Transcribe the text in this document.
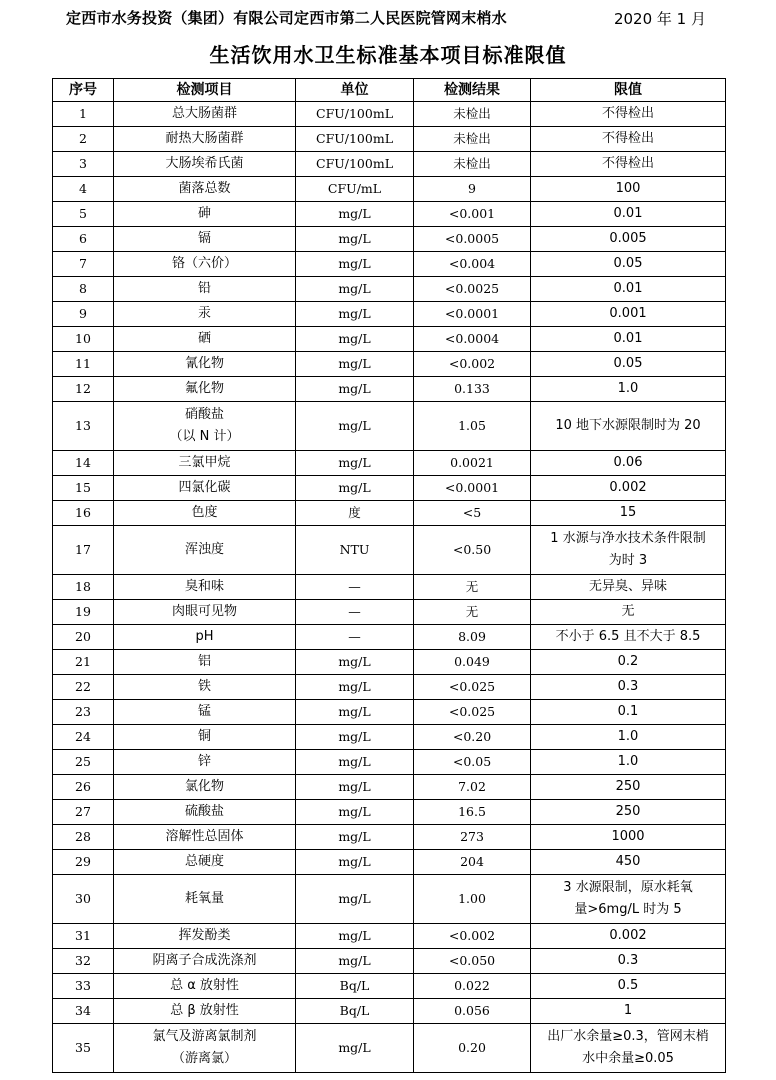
定西市水务投资（集团）有限公司定西市第二人民医院管网末梢水	2020 年 1 月
生活饮用水卫生标准基本项目标准限值
序号	检测项目	单位	检测结果	限值
1	总大肠菌群	CFU/100mL	未检出	不得检出

2	耐热大肠菌群	CFU/100mL	未检出	不得检出

3	大肠埃希氏菌	CFU/100mL	未检出	不得检出

4	菌落总数	CFU/mL	9	100

5	砷	mg/L	<0.001	0.01

6	镉	mg/L	<0.0005	0.005

7	铬（六价）	mg/L	<0.004	0.05

8	铅	mg/L	<0.0025	0.01

9	汞	mg/L	<0.0001	0.001

10	硒	mg/L	<0.0004	0.01

11	氰化物	mg/L	<0.002	0.05

12	氟化物	mg/L	0.133	1.0

13	硝酸盐
（以 N 计）	mg/L	1.05	10 地下水源限制时为 20

14	三氯甲烷	mg/L	0.0021	0.06

15	四氯化碳	mg/L	<0.0001	0.002

16	色度	度	<5	15

17	浑浊度	NTU	<0.50	1 水源与净水技术条件限制
为时 3

18	臭和味	—	无	无异臭、异味

19	肉眼可见物	—	无	无

20	pH	—	8.09	不小于 6.5 且不大于 8.5

21	铝	mg/L	0.049	0.2

22	铁	mg/L	<0.025	0.3

23	锰	mg/L	<0.025	0.1

24	铜	mg/L	<0.20	1.0

25	锌	mg/L	<0.05	1.0

26	氯化物	mg/L	7.02	250

27	硫酸盐	mg/L	16.5	250

28	溶解性总固体	mg/L	273	1000

29	总硬度	mg/L	204	450

30	耗氧量	mg/L	1.00	3 水源限制，原水耗氧
量>6mg/L 时为 5

31	挥发酚类	mg/L	<0.002	0.002

32	阴离子合成洗涤剂	mg/L	<0.050	0.3

33	总 α 放射性	Bq/L	0.022	0.5

34	总 β 放射性	Bq/L	0.056	1

35	氯气及游离氯制剂
（游离氯）	mg/L	0.20	出厂水余量≥0.3，管网末梢
水中余量≥0.05
